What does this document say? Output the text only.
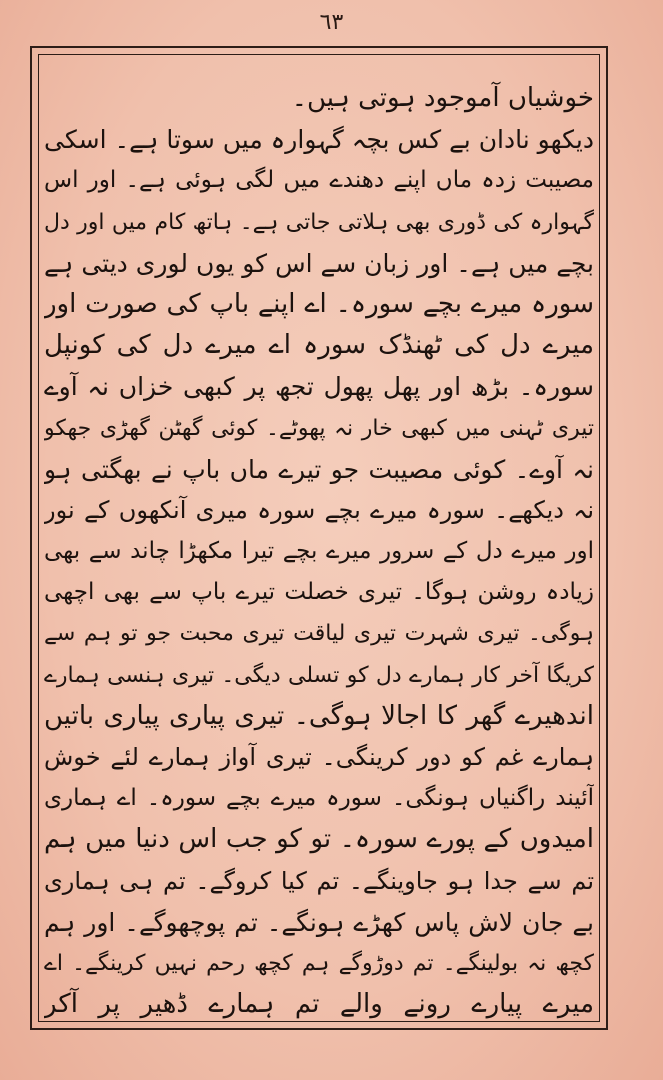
٦٣
خوشیاں آموجود ہوتی ہیں۔
دیکھو نادان بے کس بچہ گہوارہ میں سوتا ہے۔ اسکی
مصیبت زدہ ماں اپنے دھندے میں لگی ہوئی ہے۔ اور اس
گہوارہ کی ڈوری بھی ہلاتی جاتی ہے۔ ہاتھ کام میں اور دل
بچے میں ہے۔ اور زبان سے اس کو یوں لوری دیتی ہے
سورہ میرے بچے سورہ۔ اے اپنے باپ کی صورت اور
میرے دل کی ٹھنڈک سورہ اے میرے دل کی کونپل
سورہ۔ بڑھ اور پھل پھول تجھ پر کبھی خزاں نہ آوے
تیری ٹہنی میں کبھی خار نہ پھوٹے۔ کوئی گھٹن گھڑی جھکو
نہ آوے۔ کوئی مصیبت جو تیرے ماں باپ نے بھگتی ہو
نہ دیکھے۔ سورہ میرے بچے سورہ میری آنکھوں کے نور
اور میرے دل کے سرور میرے بچے تیرا مکھڑا چاند سے بھی
زیادہ روشن ہوگا۔ تیری خصلت تیرے باپ سے بھی اچھی
ہوگی۔ تیری شہرت تیری لیاقت تیری محبت جو تو ہم سے
کریگا آخر کار ہمارے دل کو تسلی دیگی۔ تیری ہنسی ہمارے
اندھیرے گھر کا اجالا ہوگی۔ تیری پیاری پیاری باتیں
ہمارے غم کو دور کرینگی۔ تیری آواز ہمارے لئے خوش
آئیند راگنیاں ہونگی۔ سورہ میرے بچے سورہ۔ اے ہماری
امیدوں کے پورے سورہ۔ تو کو جب اس دنیا میں ہم
تم سے جدا ہو جاوینگے۔ تم کیا کروگے۔ تم ہی ہماری
بے جان لاش پاس کھڑے ہونگے۔ تم پوچھوگے۔ اور ہم
کچھ نہ بولینگے۔ تم دوڑوگے ہم کچھ رحم نہیں کرینگے۔ اے
میرے پیارے رونے والے تم ہمارے ڈھیر پر آکر
